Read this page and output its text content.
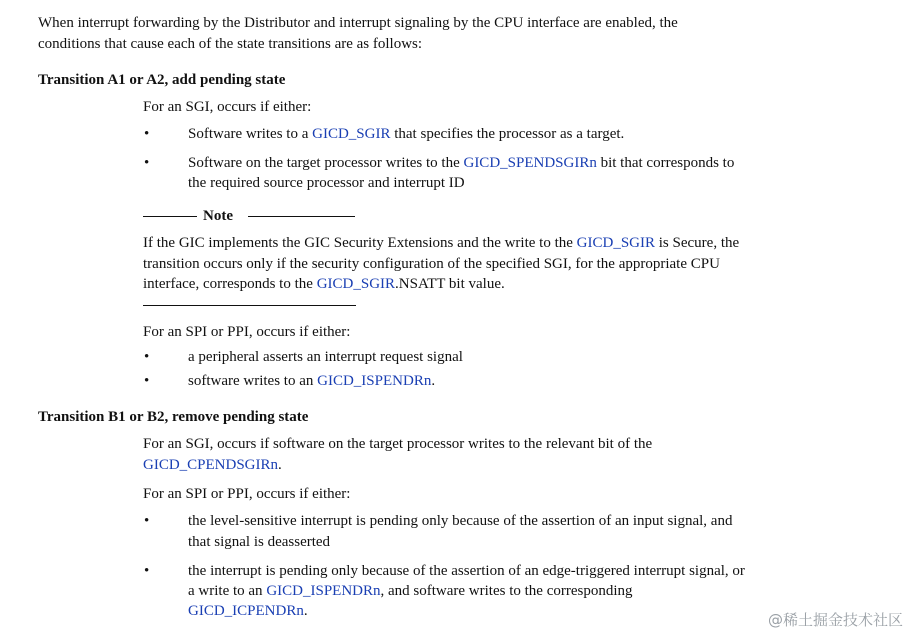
When interrupt forwarding by the Distributor and interrupt signaling by the CPU interface are enabled, the
conditions that cause each of the state transitions are as follows:
Transition A1 or A2, add pending state
For an SGI, occurs if either:
•	Software writes to a GICD_SGIR that specifies the processor as a target.
•	Software on the target processor writes to the GICD_SPENDSGIRn bit that corresponds to
the required source processor and interrupt ID
Note
If the GIC implements the GIC Security Extensions and the write to the GICD_SGIR is Secure, the
transition occurs only if the security configuration of the specified SGI, for the appropriate CPU
interface, corresponds to the GICD_SGIR.NSATT bit value.
For an SPI or PPI, occurs if either:
•	a peripheral asserts an interrupt request signal
•	software writes to an GICD_ISPENDRn.
Transition B1 or B2, remove pending state
For an SGI, occurs if software on the target processor writes to the relevant bit of the
GICD_CPENDSGIRn.
For an SPI or PPI, occurs if either:
•	the level-sensitive interrupt is pending only because of the assertion of an input signal, and
that signal is deasserted
•	the interrupt is pending only because of the assertion of an edge-triggered interrupt signal, or
a write to an GICD_ISPENDRn, and software writes to the corresponding
GICD_ICPENDRn.	@稀土掘金技术社区
